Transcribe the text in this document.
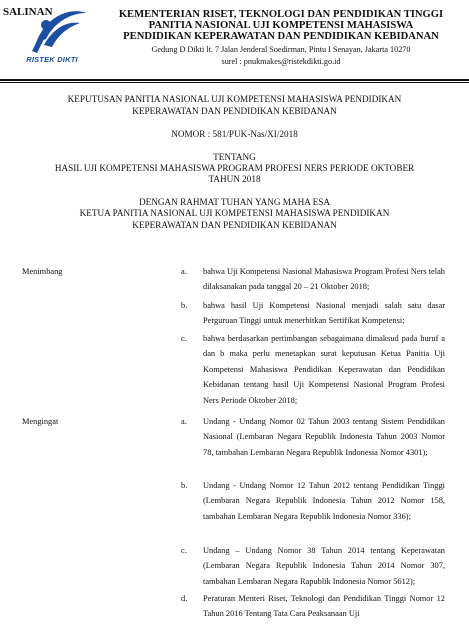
SALINAN
RISTEK DIKTI
KEMENTERIAN RISET, TEKNOLOGI DAN PENDIDIKAN TINGGI
PANITIA NASIONAL UJI KOMPETENSI MAHASISWA
PENDIDIKAN KEPERAWATAN DAN PENDIDIKAN KEBIDANAN
Gedung D Dikti lt. 7 Jalan Jenderal Soedirman, Pintu I Senayan, Jakarta 10270
surel : pnukmakes@ristekdikti.go.id
KEPUTUSAN PANITIA NASIONAL UJI KOMPETENSI MAHASISWA PENDIDIKAN
KEPERAWATAN DAN PENDIDIKAN KEBIDANAN
NOMOR : 581/PUK-Nas/XI/2018
TENTANG
HASIL UJI KOMPETENSI MAHASISWA PROGRAM PROFESI NERS PERIODE OKTOBER
TAHUN 2018
DENGAN RAHMAT TUHAN YANG MAHA ESA
KETUA PANITIA NASIONAL UJI KOMPETENSI MAHASISWA PENDIDIKAN
KEPERAWATAN DAN PENDIDIKAN KEBIDANAN
Menimbang	a. bahwa Uji Kompetensi Nasional Mahasiswa Program Profesi Ners telah dilaksanakan pada tanggal 20 – 21 Oktober 2018;
b. bahwa hasil Uji Kompetensi Nasional menjadi salah satu dasar Perguruan Tinggi untuk menerbitkan Sertifikat Kompetensi;
c. bahwa berdasarkan pertimbangan sebagaimana dimaksud pada huruf a dan b maka perlu menetapkan surat keputusan Ketua Panitia Uji Kompetensi Mahasiswa Pendidikan Keperawatan dan Pendidikan Kebidanan tentang hasil Uji Kompetensi Nasional Program Profesi Ners Periode Oktober 2018;
Mengingat	a. Undang - Undang Nomor 02 Tahun 2003 tentang Sistem Pendidikan Nasional (Lembaran Negara Republik Indonesia Tahun 2003 Nomor 78, tambahan Lembaran Negara Republik Indonesia Nomor 4301);
b. Undang - Undang Nomor 12 Tahun 2012 tentang Pendidikan Tinggi (Lembaran Negara Republik Indonesia Tahun 2012 Nomor 158, tambahan Lembaran Negara Republik Indonesia Nomor 336);
c. Undang – Undang Nomor 38 Tahun 2014 tentang Keperawatan (Lembaran Negara Republik Indonesia Tahun 2014 Nomor 307, tambahan Lembaran Negara Rapublik Indonesia Nomor 5612);
d. Peraturan Menteri Riset, Teknologi dan Pendidikan Tinggi Nomor 12 Tahun 2016 Tentang Tata Cara Peaksanaan Uji
